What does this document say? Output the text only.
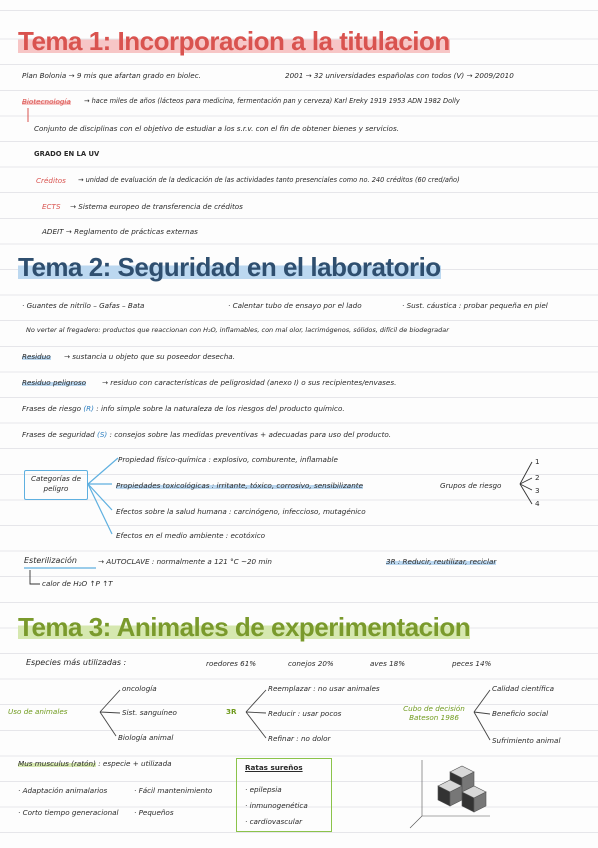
Tema 1: Incorporacion a la titulacion
Plan Bolonia → 9 mis que afartan grado en biolec.	2001 → 32 universidades españolas con todos (V) → 2009/2010
Biotecnología → hace miles de años (lácteos para medicina, fermentación pan y cerveza) Karl Ereky 1919 1953 ADN 1982 Dolly
Conjunto de disciplinas con el objetivo de estudiar a los s.r.v. con el fin de obtener bienes y servicios.
GRADO EN LA UV
Créditos → unidad de evaluación de la dedicación de las actividades tanto presenciales como no. 240 créditos (60 cred/año)
ECTS → Sistema europeo de transferencia de créditos
ADEIT → Reglamento de prácticas externas
Tema 2: Seguridad en el laboratorio
· Guantes de nitrilo – Gafas – Bata	· Calentar tubo de ensayo por el lado	· Sust. cáustica : probar pequeña en piel
No verter al fregadero: productos que reaccionan con H₂O, inflamables, con mal olor, lacrimógenos, sólidos, difícil de biodegradar
Residuo → sustancia u objeto que su poseedor desecha.
Residuo peligroso → residuo con características de peligrosidad (anexo I) o sus recipientes/envases.
Frases de riesgo (R) : info simple sobre la naturaleza de los riesgos del producto químico.
Frases de seguridad (S) : consejos sobre las medidas preventivas + adecuadas para uso del producto.
Categorías de peligro
Propiedad físico-química : explosivo, comburente, inflamable
Propiedades toxicológicas : irritante, tóxico, corrosivo, sensibilizante
Efectos sobre la salud humana : carcinógeno, infeccioso, mutagénico
Efectos en el medio ambiente : ecotóxico
Grupos de riesgo
1
2
3
4
Esterilización	→ AUTOCLAVE : normalmente a 121 °C ~20 min	3R : Reducir, reutilizar, reciclar
calor de H₂O ↑P ↑T
Tema 3: Animales de experimentacion
Especies más utilizadas :	roedores 61%	conejos 20%	aves 18%	peces 14%
Uso de animales
oncología
Sist. sanguíneo
Biología animal
3R
Reemplazar : no usar animales
Reducir : usar pocos
Refinar : no dolor
Cubo de decisión Bateson 1986
Calidad científica
Beneficio social
Sufrimiento animal
Mus musculus (ratón) : especie + utilizada
· Adaptación animalarios	· Fácil mantenimiento
· Corto tiempo generacional · Pequeños
Ratas sureños
· epilepsia
· inmunogenética
· cardiovascular
